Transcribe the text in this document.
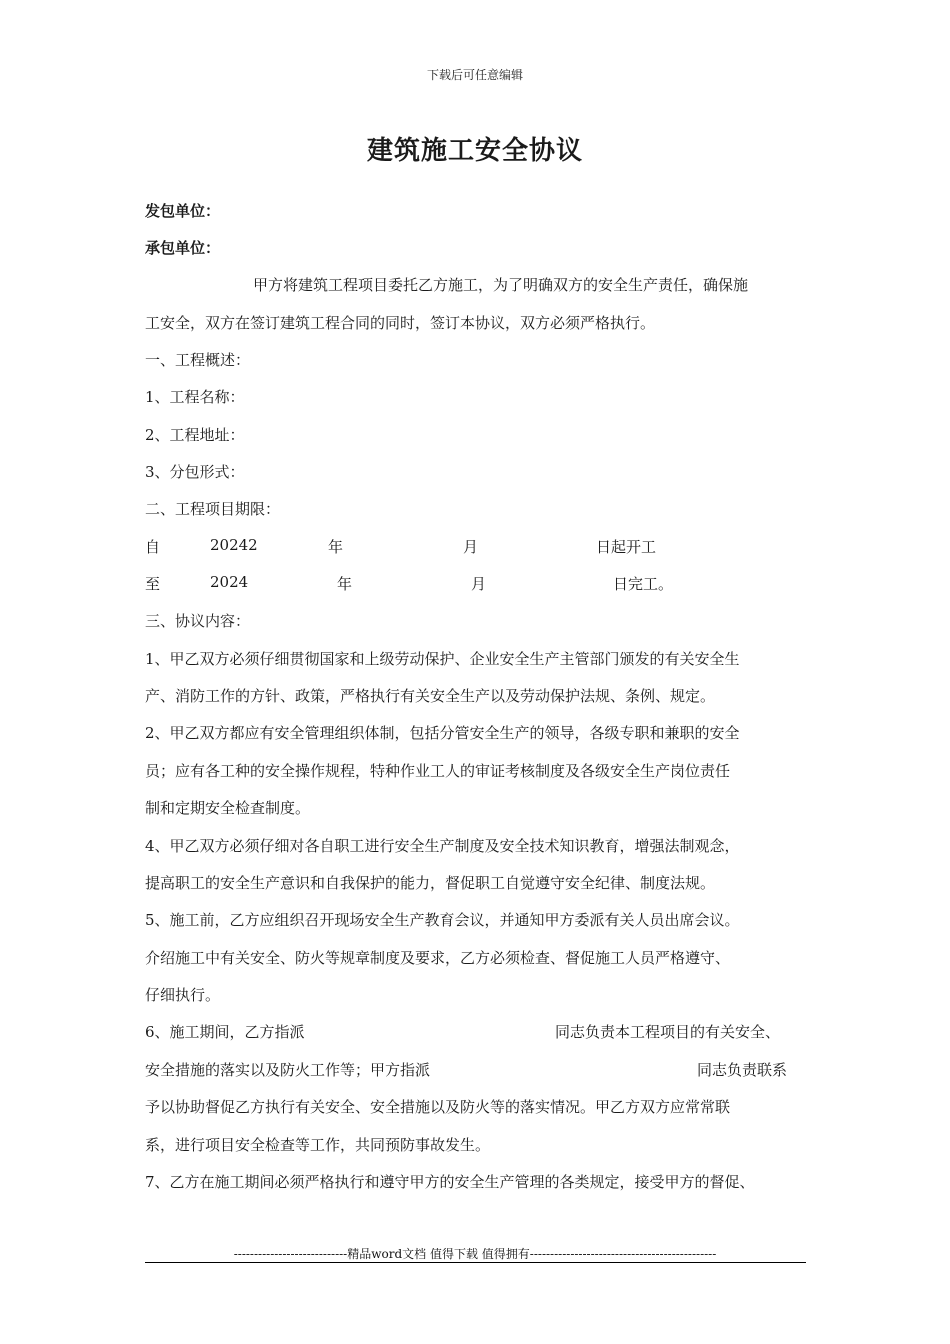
下载后可任意编辑
建筑施工安全协议
发包单位：
承包单位：
甲方将建筑工程项目委托乙方施工，为了明确双方的安全生产责任，确保施
工安全，双方在签订建筑工程合同的同时，签订本协议，双方必须严格执行。
一、工程概述：
1、工程名称：
2、工程地址：
3、分包形式：
二、工程项目期限：
自	20242	年	月	日起开工
至	2024	年	月	日完工。
三、协议内容：
1、甲乙双方必须仔细贯彻国家和上级劳动保护、企业安全生产主管部门颁发的有关安全生
产、消防工作的方针、政策，严格执行有关安全生产以及劳动保护法规、条例、规定。
2、甲乙双方都应有安全管理组织体制，包括分管安全生产的领导，各级专职和兼职的安全
员；应有各工种的安全操作规程，特种作业工人的审证考核制度及各级安全生产岗位责任
制和定期安全检查制度。
4、甲乙双方必须仔细对各自职工进行安全生产制度及安全技术知识教育，增强法制观念，
提高职工的安全生产意识和自我保护的能力，督促职工自觉遵守安全纪律、制度法规。
5、施工前，乙方应组织召开现场安全生产教育会议，并通知甲方委派有关人员出席会议。
介绍施工中有关安全、防火等规章制度及要求，乙方必须检查、督促施工人员严格遵守、
仔细执行。
6、施工期间，乙方指派	同志负责本工程项目的有关安全、
安全措施的落实以及防火工作等；甲方指派	同志负责联系
予以协助督促乙方执行有关安全、安全措施以及防火等的落实情况。甲乙方双方应常常联
系，进行项目安全检查等工作，共同预防事故发生。
7、乙方在施工期间必须严格执行和遵守甲方的安全生产管理的各类规定，接受甲方的督促、
----------------------------精品word文档 值得下载 值得拥有----------------------------------------------
